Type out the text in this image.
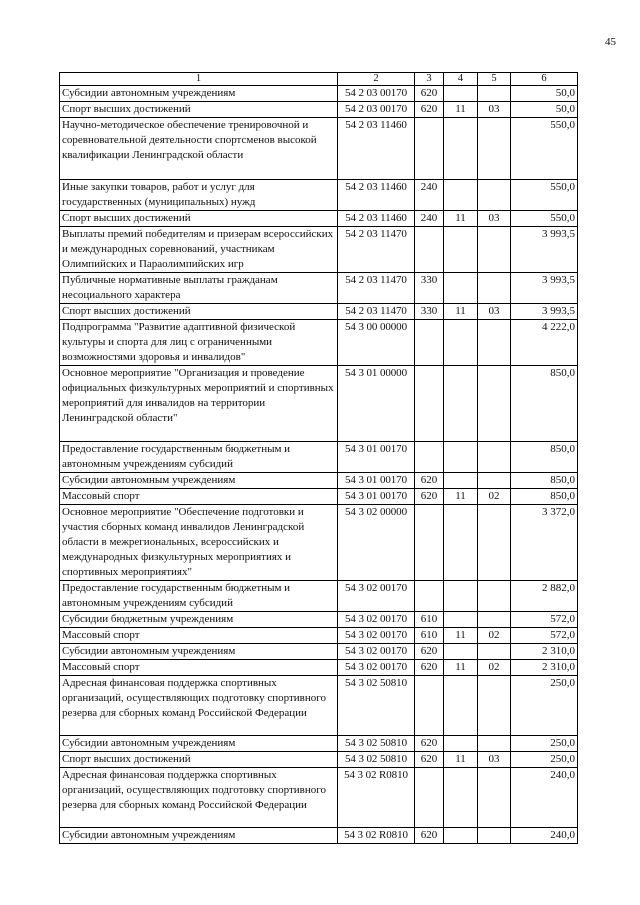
45
1	2	3	4	5	6
Субсидии автономным учреждениям	54 2 03 00170	620			50,0
Спорт высших достижений	54 2 03 00170	620	11	03	50,0
Научно-методическое обеспечение тренировочной и соревновательной деятельности спортсменов высокой квалификации Ленинградской области	54 2 03 11460				550,0
Иные закупки товаров, работ и услуг для государственных (муниципальных) нужд	54 2 03 11460	240			550,0
Спорт высших достижений	54 2 03 11460	240	11	03	550,0
Выплаты премий победителям и призерам всероссийских и международных соревнований, участникам Олимпийских и Параолимпийских игр	54 2 03 11470				3 993,5
Публичные нормативные выплаты гражданам несоциального характера	54 2 03 11470	330			3 993,5
Спорт высших достижений	54 2 03 11470	330	11	03	3 993,5
Подпрограмма "Развитие адаптивной физической культуры и спорта для лиц с ограниченными возможностями здоровья и инвалидов"	54 3 00 00000				4 222,0
Основное мероприятие "Организация и проведение официальных физкультурных мероприятий и спортивных мероприятий для инвалидов на территории Ленинградской области"	54 3 01 00000				850,0
Предоставление государственным бюджетным и автономным учреждениям субсидий	54 3 01 00170				850,0
Субсидии автономным учреждениям	54 3 01 00170	620			850,0
Массовый спорт	54 3 01 00170	620	11	02	850,0
Основное мероприятие "Обеспечение подготовки и участия сборных команд инвалидов Ленинградской области в межрегиональных, всероссийских и международных физкультурных мероприятиях и спортивных мероприятиях"	54 3 02 00000				3 372,0
Предоставление государственным бюджетным и автономным учреждениям субсидий	54 3 02 00170				2 882,0
Субсидии бюджетным учреждениям	54 3 02 00170	610			572,0
Массовый спорт	54 3 02 00170	610	11	02	572,0
Субсидии автономным учреждениям	54 3 02 00170	620			2 310,0
Массовый спорт	54 3 02 00170	620	11	02	2 310,0
Адресная финансовая поддержка спортивных организаций, осуществляющих подготовку спортивного резерва для сборных команд Российской Федерации	54 3 02 50810				250,0
Субсидии автономным учреждениям	54 3 02 50810	620			250,0
Спорт высших достижений	54 3 02 50810	620	11	03	250,0
Адресная финансовая поддержка спортивных организаций, осуществляющих подготовку спортивного резерва для сборных команд Российской Федерации	54 3 02 R0810				240,0
Субсидии автономным учреждениям	54 3 02 R0810	620			240,0
